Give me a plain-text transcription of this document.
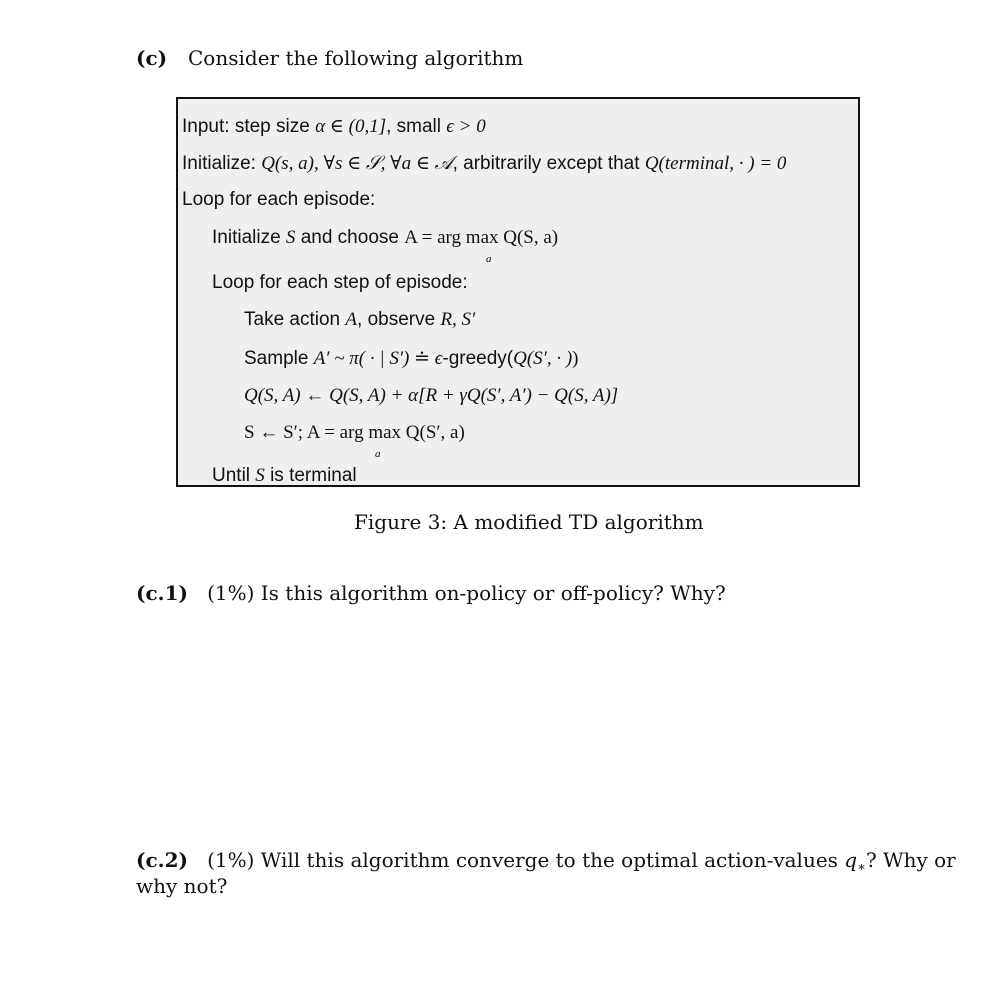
(c) Consider the following algorithm
Input: step size α ∈ (0,1], small ϵ > 0
Initialize: Q(s, a), ∀s ∈ 𝒮, ∀a ∈ 𝒜, arbitrarily except that Q(terminal, · ) = 0
Loop for each episode:
Initialize S and choose A = arg max Q(S, a)
a
Loop for each step of episode:
Take action A, observe R, S′
Sample A′ ~ π( · | S′) ≐ ϵ-greedy(Q(S′, · ))
Q(S, A) ← Q(S, A) + α[R + γQ(S′, A′) − Q(S, A)]
S ← S′; A = arg max Q(S′, a)
a
Until S is terminal
Figure 3: A modified TD algorithm
(c.1) (1%) Is this algorithm on-policy or off-policy? Why?
(c.2) (1%) Will this algorithm converge to the optimal action-values $q_∗$? Why or
why not?
